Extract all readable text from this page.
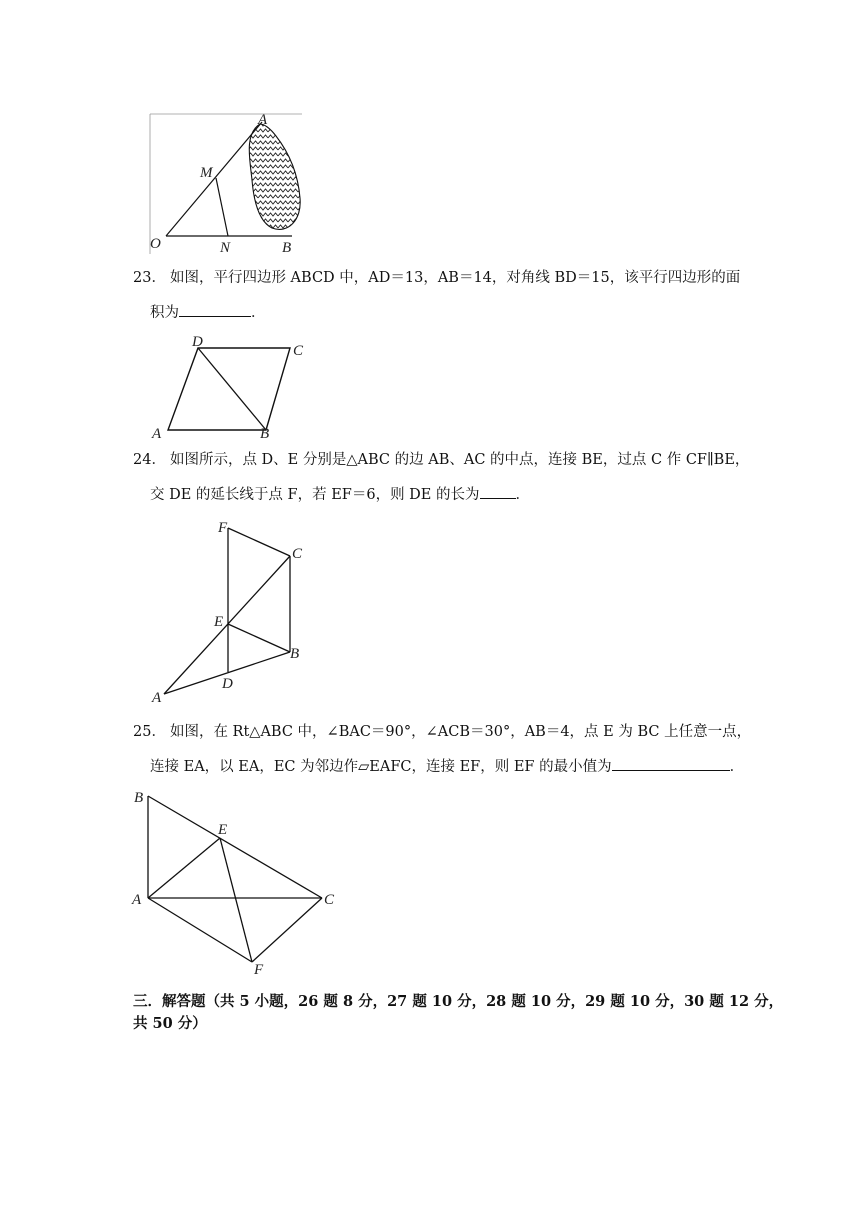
A
M
O	N	B
23． 如图，平行四边形 ABCD 中，AD＝13，AB＝14，对角线 BD＝15，该平行四边形的面
积为	．
D
C
A	B
24． 如图所示，点 D、E 分别是△ABC 的边 AB、AC 的中点，连接 BE，过点 C 作 CF∥BE，
交 DE 的延长线于点 F，若 EF＝6，则 DE 的长为 ．
F
C
E
B
A
D
25． 如图，在 Rt△ABC 中，∠BAC＝90°，∠ACB＝30°，AB＝4，点 E 为 BC 上任意一点，
连接 EA，以 EA，EC 为邻边作▱EAFC，连接 EF，则 EF 的最小值为	．
B
E
A	C
F
三．解答题（共 5 小题，26 题 8 分，27 题 10 分，28 题 10 分，29 题 10 分，30 题 12 分，
共 50 分）
